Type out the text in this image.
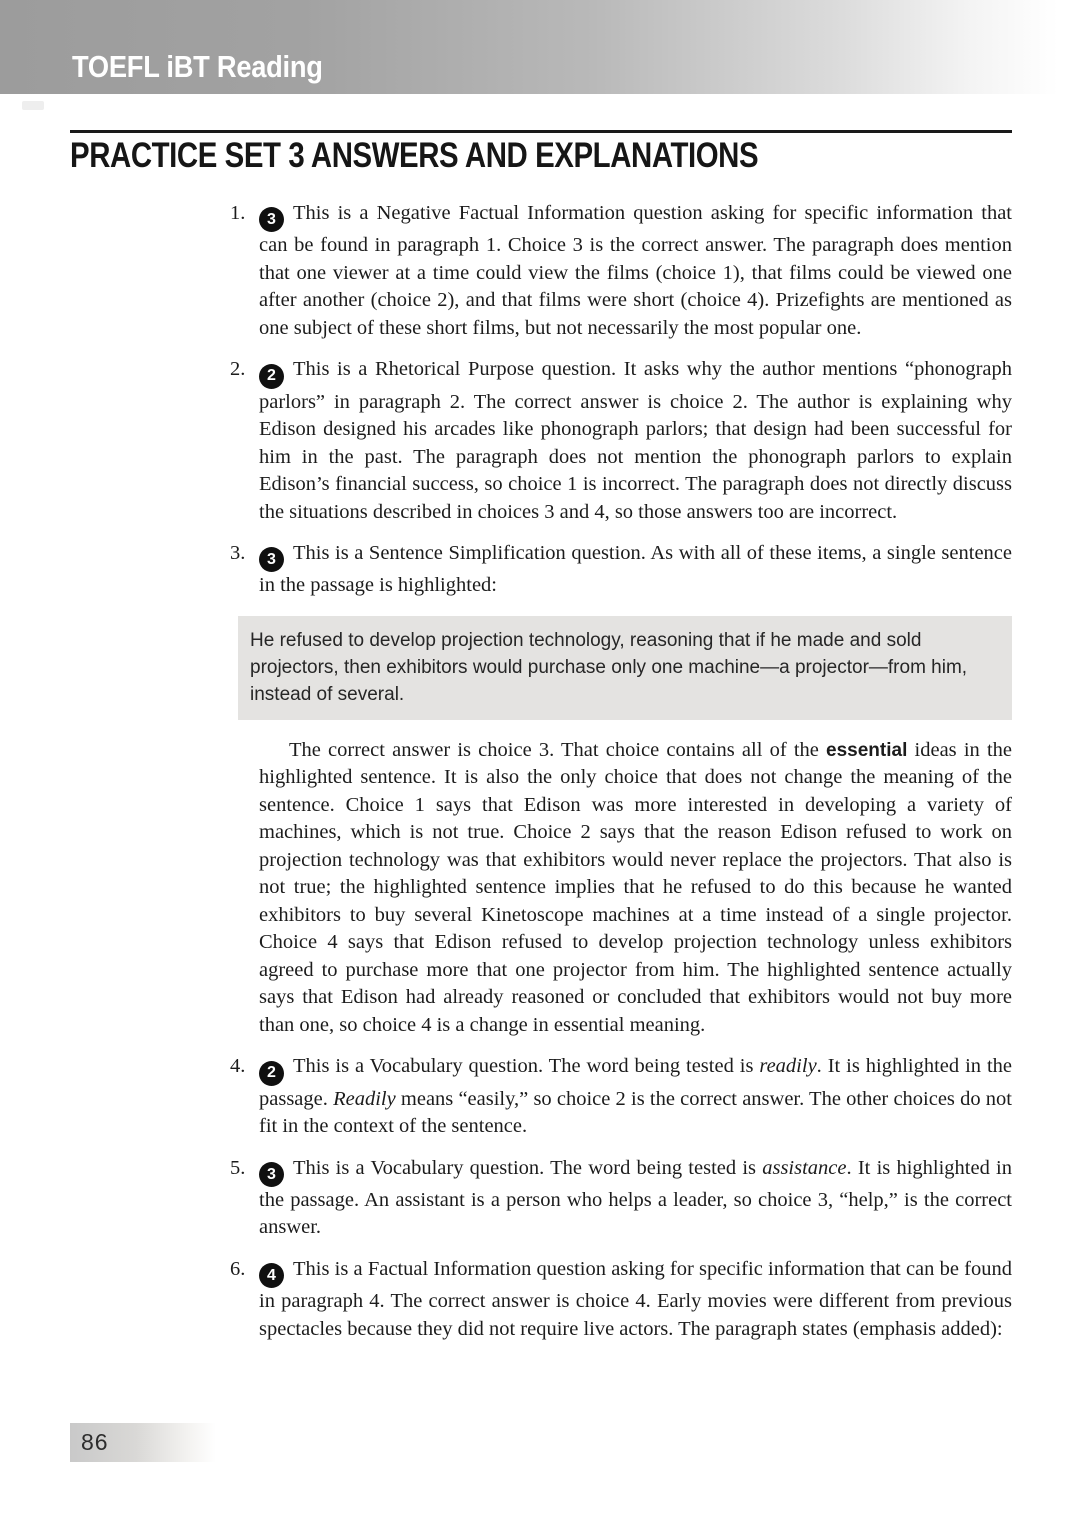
TOEFL iBT Reading
PRACTICE SET 3 ANSWERS AND EXPLANATIONS
1.	3 This is a Negative Factual Information question asking for specific information that can be found in paragraph 1. Choice 3 is the correct answer. The paragraph does mention that one viewer at a time could view the films (choice 1), that films could be viewed one after another (choice 2), and that films were short (choice 4). Prizefights are mentioned as one subject of these short films, but not necessarily the most popular one.
2.	2 This is a Rhetorical Purpose question. It asks why the author mentions “phonograph parlors” in paragraph 2. The correct answer is choice 2. The author is explaining why Edison designed his arcades like phonograph parlors; that design had been successful for him in the past. The paragraph does not mention the phonograph parlors to explain Edison’s financial success, so choice 1 is incorrect. The paragraph does not directly discuss the situations described in choices 3 and 4, so those answers too are incorrect.
3.	3 This is a Sentence Simplification question. As with all of these items, a single sentence in the passage is highlighted:
He refused to develop projection technology, reasoning that if he made and sold projectors, then exhibitors would purchase only one machine—a projector—from him, instead of several.
The correct answer is choice 3. That choice contains all of the essential ideas in the highlighted sentence. It is also the only choice that does not change the meaning of the sentence. Choice 1 says that Edison was more interested in developing a variety of machines, which is not true. Choice 2 says that the reason Edison refused to work on projection technology was that exhibitors would never replace the projectors. That also is not true; the highlighted sentence implies that he refused to do this because he wanted exhibitors to buy several Kinetoscope machines at a time instead of a single projector. Choice 4 says that Edison refused to develop projection technology unless exhibitors agreed to purchase more that one projector from him. The highlighted sentence actually says that Edison had already reasoned or concluded that exhibitors would not buy more than one, so choice 4 is a change in essential meaning.
4.	2 This is a Vocabulary question. The word being tested is readily. It is highlighted in the passage. Readily means “easily,” so choice 2 is the correct answer. The other choices do not fit in the context of the sentence.
5.	3 This is a Vocabulary question. The word being tested is assistance. It is highlighted in the passage. An assistant is a person who helps a leader, so choice 3, “help,” is the correct answer.
6.	4 This is a Factual Information question asking for specific information that can be found in paragraph 4. The correct answer is choice 4. Early movies were different from previous spectacles because they did not require live actors. The paragraph states (emphasis added):
86
